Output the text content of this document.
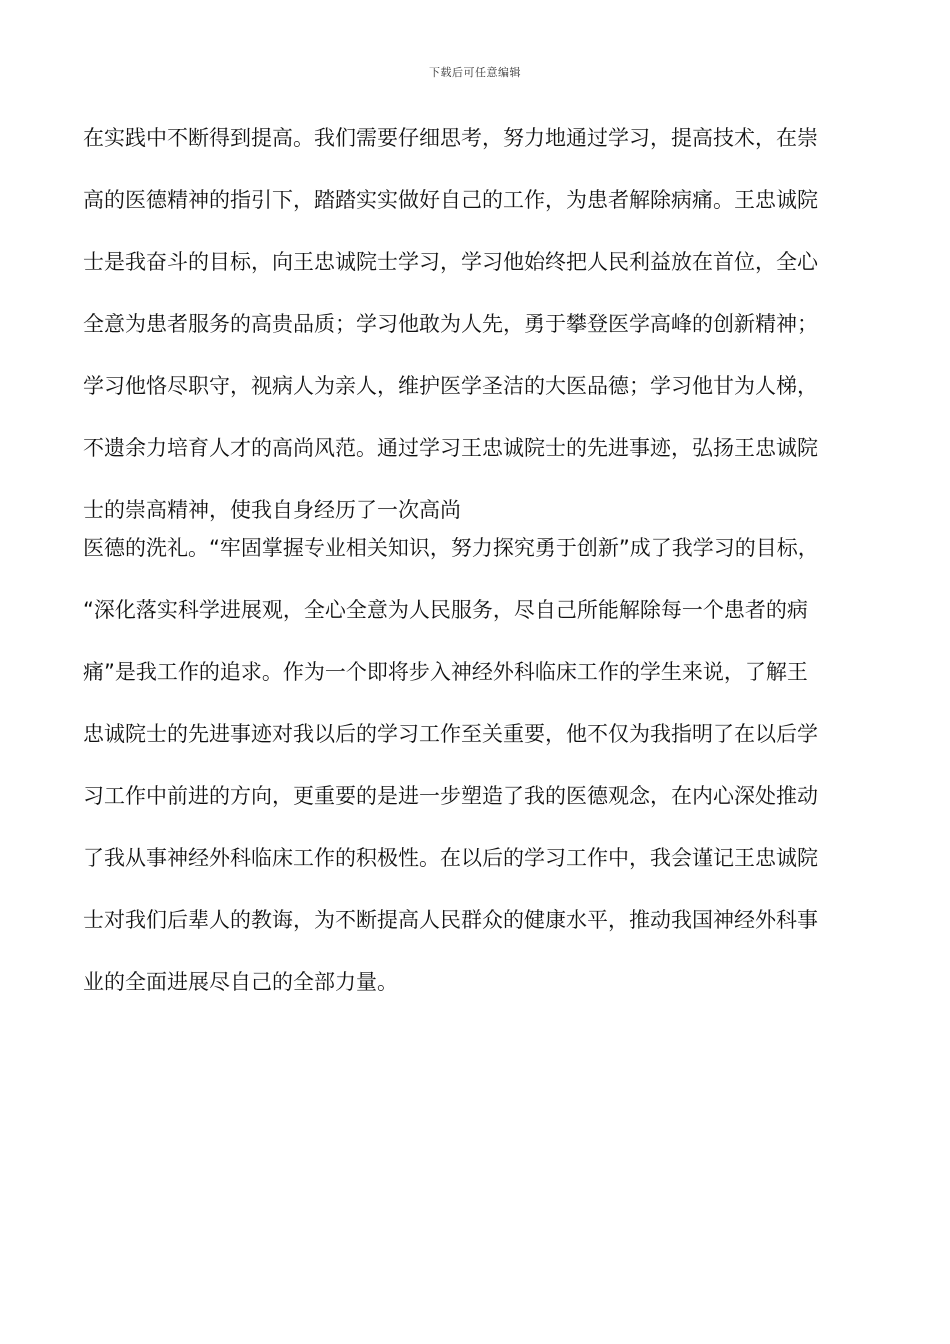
下载后可任意编辑

在实践中不断得到提高。我们需要仔细思考，努力地通过学习，提高技术，在崇

高的医德精神的指引下，踏踏实实做好自己的工作，为患者解除病痛。王忠诚院

士是我奋斗的目标，向王忠诚院士学习，学习他始终把人民利益放在首位，全心

全意为患者服务的高贵品质；学习他敢为人先，勇于攀登医学高峰的创新精神；

学习他恪尽职守，视病人为亲人，维护医学圣洁的大医品德；学习他甘为人梯，

不遗余力培育人才的高尚风范。通过学习王忠诚院士的先进事迹，弘扬王忠诚院

士的崇高精神，使我自身经历了一次高尚

医德的洗礼。“牢固掌握专业相关知识，努力探究勇于创新”成了我学习的目标，

“深化落实科学进展观，全心全意为人民服务，尽自己所能解除每一个患者的病

痛”是我工作的追求。作为一个即将步入神经外科临床工作的学生来说，了解王

忠诚院士的先进事迹对我以后的学习工作至关重要，他不仅为我指明了在以后学

习工作中前进的方向，更重要的是进一步塑造了我的医德观念，在内心深处推动

了我从事神经外科临床工作的积极性。在以后的学习工作中，我会谨记王忠诚院

士对我们后辈人的教诲，为不断提高人民群众的健康水平，推动我国神经外科事

业的全面进展尽自己的全部力量。
